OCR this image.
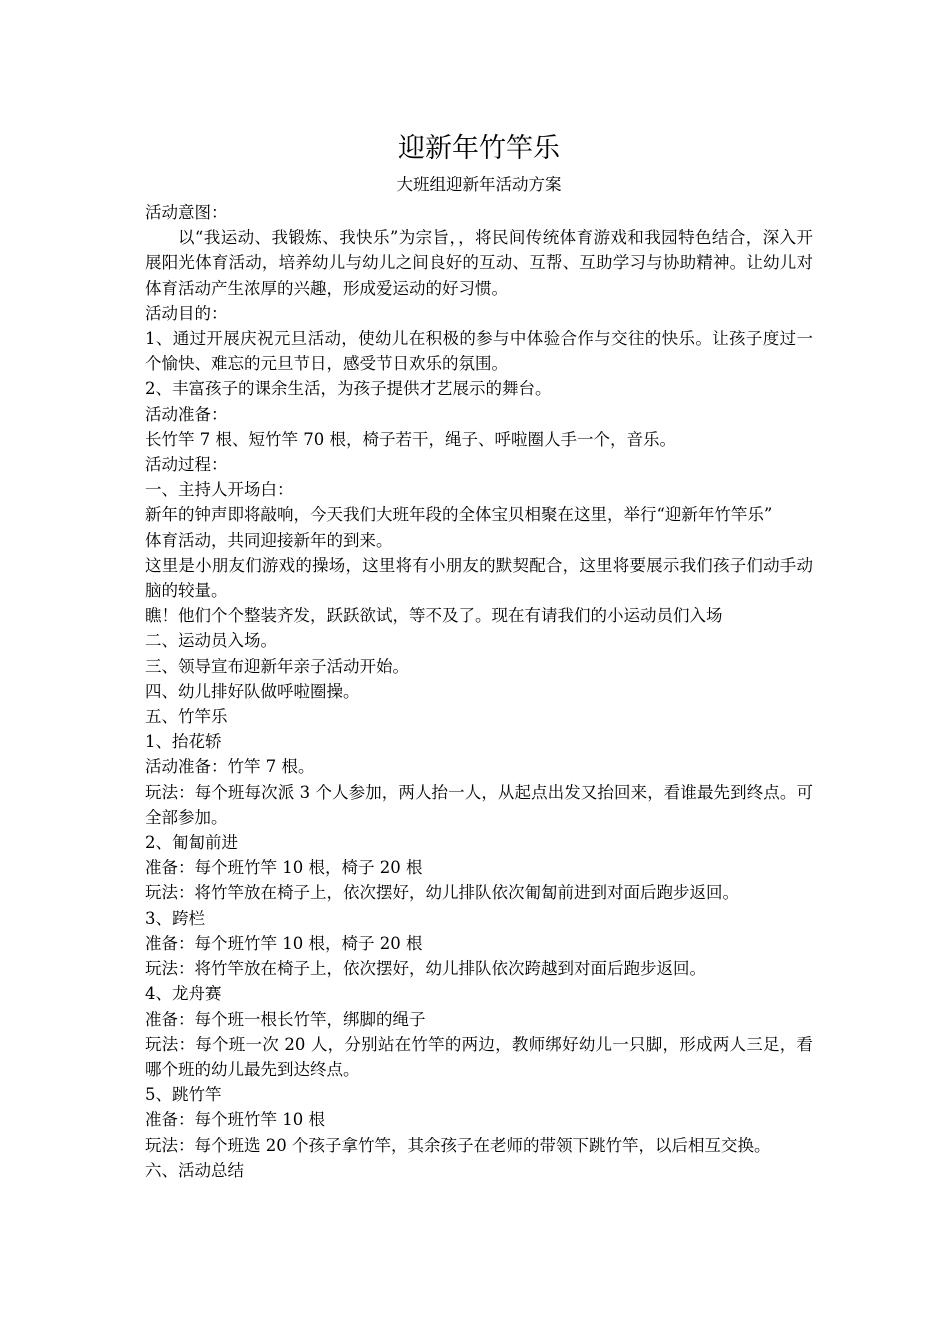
迎新年竹竿乐

大班组迎新年活动方案

活动意图：

以“我运动、我锻炼、我快乐”为宗旨，，将民间传统体育游戏和我园特色结合，深入开展阳光体育活动，培养幼儿与幼儿之间良好的互动、互帮、互助学习与协助精神。让幼儿对体育活动产生浓厚的兴趣，形成爱运动的好习惯。

活动目的：

1、通过开展庆祝元旦活动，使幼儿在积极的参与中体验合作与交往的快乐。让孩子度过一个愉快、难忘的元旦节日，感受节日欢乐的氛围。

2、丰富孩子的课余生活，为孩子提供才艺展示的舞台。

活动准备：

长竹竿 7 根、短竹竿 70 根，椅子若干，绳子、呼啦圈人手一个，音乐。

活动过程：

一、主持人开场白：

新年的钟声即将敲响，今天我们大班年段的全体宝贝相聚在这里，举行“迎新年竹竿乐”

体育活动，共同迎接新年的到来。

这里是小朋友们游戏的操场，这里将有小朋友的默契配合，这里将要展示我们孩子们动手动脑的较量。

瞧！他们个个整装齐发，跃跃欲试，等不及了。现在有请我们的小运动员们入场

二、运动员入场。

三、领导宣布迎新年亲子活动开始。

四、幼儿排好队做呼啦圈操。

五、竹竿乐

1、抬花轿

活动准备：竹竿 7 根。

玩法：每个班每次派 3 个人参加，两人抬一人，从起点出发又抬回来，看谁最先到终点。可全部参加。

2、匍匐前进

准备：每个班竹竿 10 根，椅子 20 根

玩法：将竹竿放在椅子上，依次摆好，幼儿排队依次匍匐前进到对面后跑步返回。

3、跨栏

准备：每个班竹竿 10 根，椅子 20 根

玩法：将竹竿放在椅子上，依次摆好，幼儿排队依次跨越到对面后跑步返回。

4、龙舟赛

准备：每个班一根长竹竿，绑脚的绳子

玩法：每个班一次 20 人，分别站在竹竿的两边，教师绑好幼儿一只脚，形成两人三足，看哪个班的幼儿最先到达终点。

5、跳竹竿

准备：每个班竹竿 10 根

玩法：每个班选 20 个孩子拿竹竿，其余孩子在老师的带领下跳竹竿，以后相互交换。

六、活动总结
